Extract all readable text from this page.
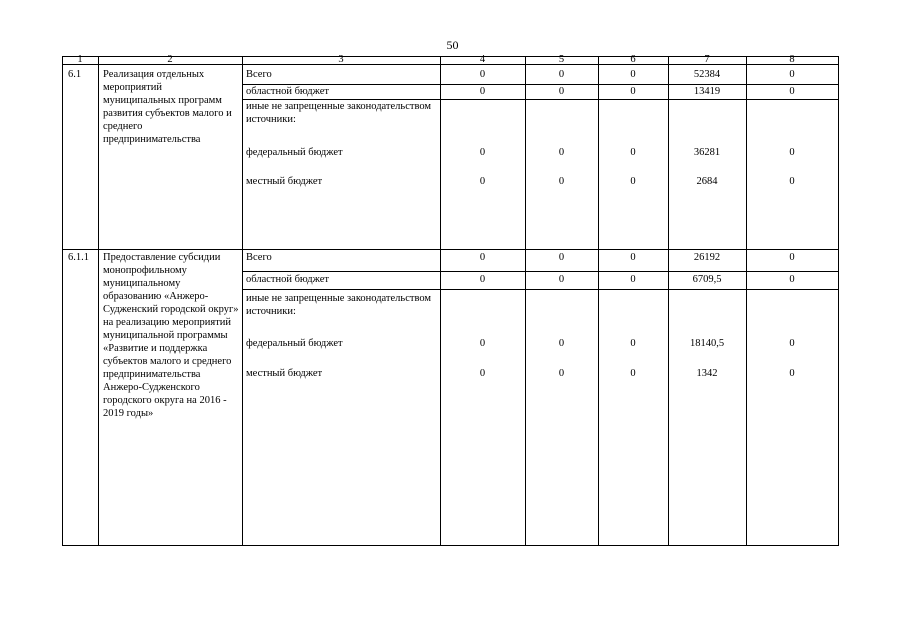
50
1	2	3	4	5	6	7	8
6.1 Реализация отдельных мероприятий муниципальных программ развития субъектов малого и среднего предпринимательства
Всего	0	0	0	52384	0
областной бюджет	0	0	0	13419	0
иные не запрещенные законодательством источники:
федеральный бюджет	0	0	0	36281	0
местный бюджет	0	0	0	2684	0
6.1.1 Предоставление субсидии монопрофильному муниципальному образованию «Анжеро-Судженский городской округ» на реализацию мероприятий муниципальной программы «Развитие и поддержка субъектов малого и среднего предпринимательства Анжеро-Судженского городского округа на 2016 - 2019 годы»
Всего	0	0	0	26192	0
областной бюджет	0	0	0	6709,5	0
иные не запрещенные законодательством источники:
федеральный бюджет	0	0	0	18140,5	0
местный бюджет	0	0	0	1342	0
